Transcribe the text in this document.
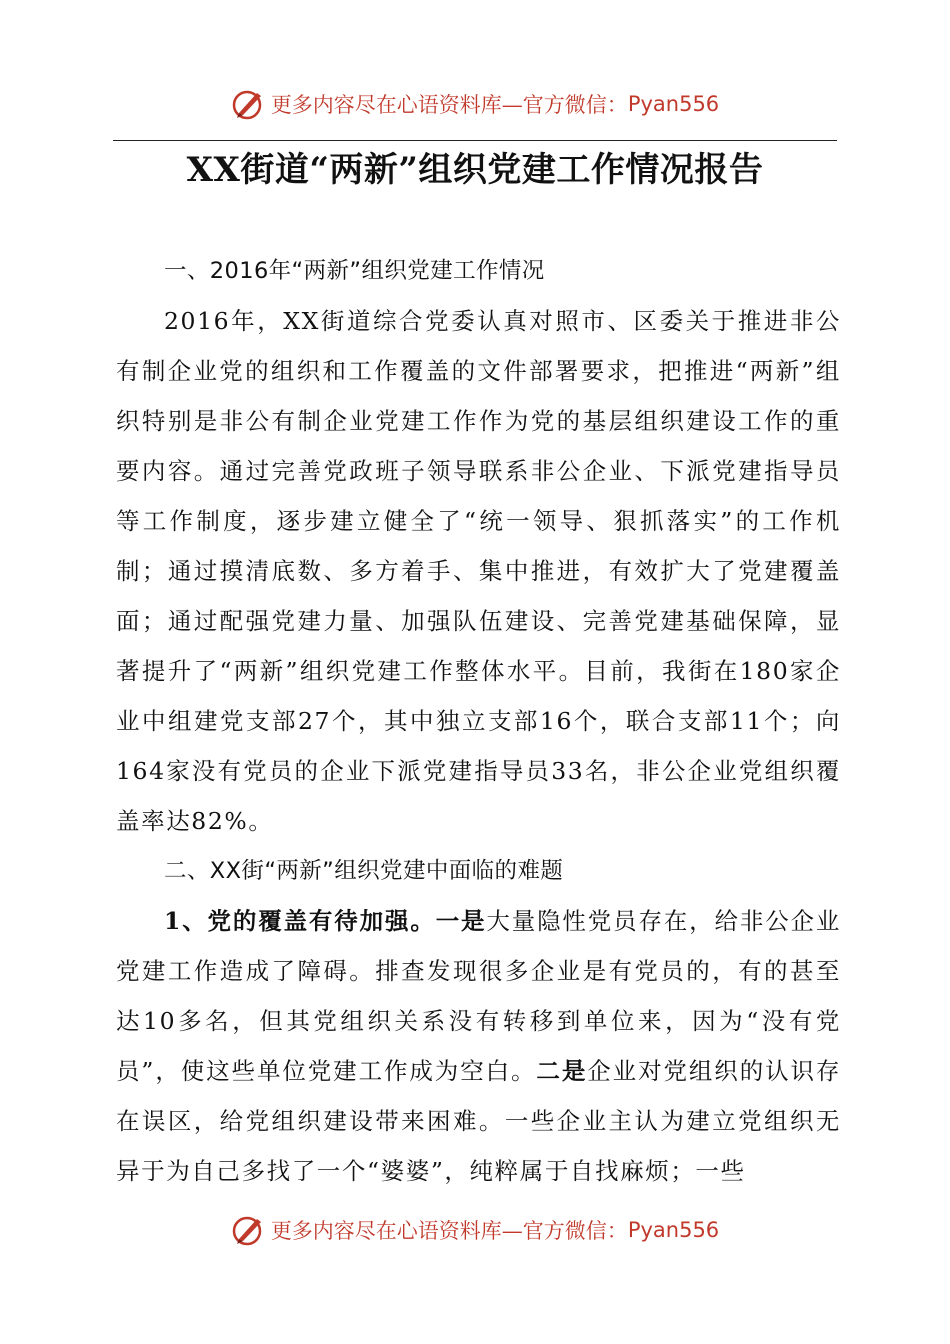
更多内容尽在心语资料库—官方微信： Pyan556
XX街道“两新”组织党建工作情况报告

一、2016年“两新”组织党建工作情况

2016年，XX街道综合党委认真对照市、区委关于推进非公有制企业党的组织和工作覆盖的文件部署要求，把推进“两新”组织特别是非公有制企业党建工作作为党的基层组织建设工作的重要内容。通过完善党政班子领导联系非公企业、下派党建指导员等工作制度，逐步建立健全了“统一领导、狠抓落实”的工作机制；通过摸清底数、多方着手、集中推进，有效扩大了党建覆盖面；通过配强党建力量、加强队伍建设、完善党建基础保障，显著提升了“两新”组织党建工作整体水平。目前，我街在180家企业中组建党支部27个，其中独立支部16个，联合支部11个；向164家没有党员的企业下派党建指导员33名，非公企业党组织覆盖率达82%。

二、XX街“两新”组织党建中面临的难题

1、党的覆盖有待加强。一是大量隐性党员存在，给非公企业党建工作造成了障碍。排查发现很多企业是有党员的，有的甚至达10多名，但其党组织关系没有转移到单位来，因为“没有党员”，使这些单位党建工作成为空白。二是企业对党组织的认识存在误区，给党组织建设带来困难。一些企业主认为建立党组织无异于为自己多找了一个“婆婆”，纯粹属于自找麻烦；一些

更多内容尽在心语资料库—官方微信： Pyan556
